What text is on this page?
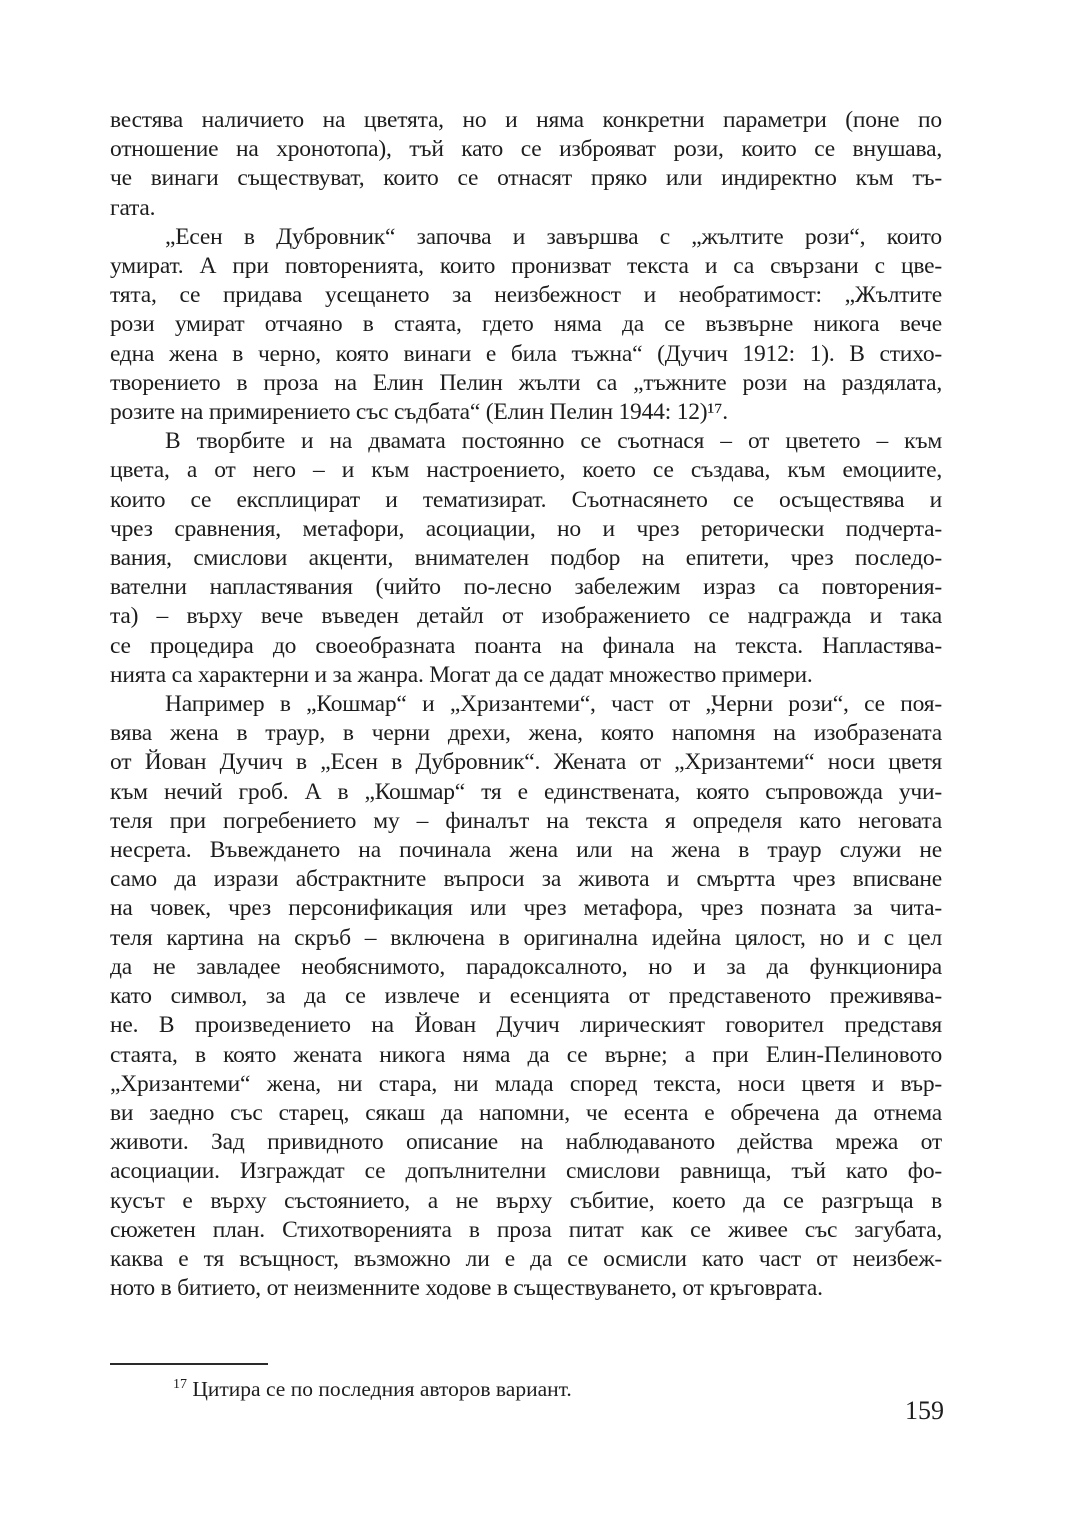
вестява наличието на цветята, но и няма конкретни параметри (поне по
отношение на хронотопа), тъй като се изброяват рози, които се внушава,
че винаги съществуват, които се отнасят пряко или индиректно към тъ-
гата.
„Есен в Дубровник“ започва и завършва с „жълтите рози“, които
умират. А при повторенията, които пронизват текста и са свързани с цве-
тята, се придава усещането за неизбежност и необратимост: „Жълтите
рози умират отчаяно в стаята, гдето няма да се възвърне никога вече
една жена в черно, която винаги е била тъжна“ (Дучич 1912: 1). В стихо-
творението в проза на Елин Пелин жълти са „тъжните рози на раздялата,
розите на примирението със съдбата“ (Елин Пелин 1944: 12)¹⁷.
В творбите и на двамата постоянно се съотнася – от цветето – към
цвета, а от него – и към настроението, което се създава, към емоциите,
които се експлицират и тематизират. Съотнасянето се осъществява и
чрез сравнения, метафори, асоциации, но и чрез реторически подчерта-
вания, смислови акценти, внимателен подбор на епитети, чрез последо-
вателни напластявания (чийто по-лесно забележим израз са повторения-
та) – върху вече въведен детайл от изображението се надгражда и така
се процедира до своеобразната поанта на финала на текста. Напластява-
нията са характерни и за жанра. Могат да се дадат множество примери.
Например в „Кошмар“ и „Хризантеми“, част от „Черни рози“, се поя-
вява жена в траур, в черни дрехи, жена, която напомня на изобразената
от Йован Дучич в „Есен в Дубровник“. Жената от „Хризантеми“ носи цветя
към нечий гроб. А в „Кошмар“ тя е единствената, която съпровожда учи-
теля при погребението му – финалът на текста я определя като неговата
несрета. Въвеждането на починала жена или на жена в траур служи не
само да изрази абстрактните въпроси за живота и смъртта чрез вписване
на човек, чрез персонификация или чрез метафора, чрез позната за чита-
теля картина на скръб – включена в оригинална идейна цялост, но и с цел
да не завладее необяснимото, парадоксалното, но и за да функционира
като символ, за да се извлече и есенцията от представеното преживява-
не. В произведението на Йован Дучич лирическият говорител представя
стаята, в която жената никога няма да се върне; а при Елин-Пелиновото
„Хризантеми“ жена, ни стара, ни млада според текста, носи цветя и вър-
ви заедно със старец, сякаш да напомни, че есента е обречена да отнема
животи. Зад привидното описание на наблюдаваното действа мрежа от
асоциации. Изграждат се допълнителни смислови равнища, тъй като фо-
кусът е върху състоянието, а не върху събитие, което да се разгръща в
сюжетен план. Стихотворенията в проза питат как се живее със загубата,
каква е тя всъщност, възможно ли е да се осмисли като част от неизбеж-
ното в битието, от неизменните ходове в съществуването, от кръговрата.
$^{17}$ Цитира се по последния авторов вариант.
159
